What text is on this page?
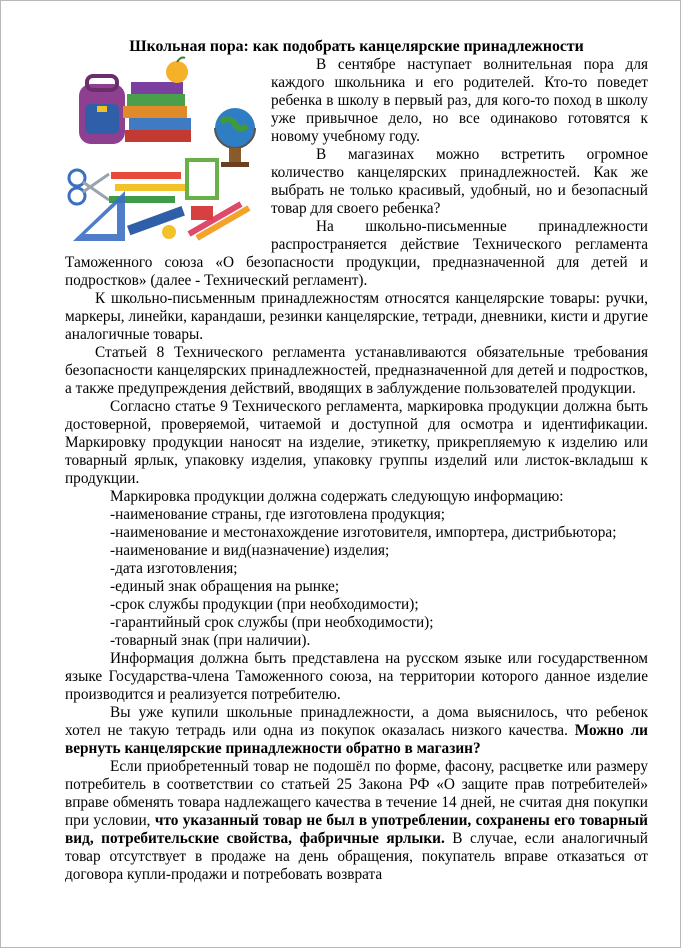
Школьная пора: как подобрать канцелярские принадлежности

В сентябре наступает волнительная пора для каждого школьника и его родителей. Кто-то поведет ребенка в школу в первый раз, для кого-то поход в школу уже привычное дело, но все одинаково готовятся к новому учебному году.

В магазинах можно встретить огромное количество канцелярских принадлежностей. Как же выбрать не только красивый, удобный, но и безопасный товар для своего ребенка?

На школьно-письменные принадлежности распространяется действие Технического регламента Таможенного союза «О безопасности продукции, предназначенной для детей и подростков» (далее - Технический регламент).

К школьно-письменным принадлежностям относятся канцелярские товары: ручки, маркеры, линейки, карандаши, резинки канцелярские, тетради, дневники, кисти и другие аналогичные товары.

Статьей 8 Технического регламента устанавливаются обязательные требования безопасности канцелярских принадлежностей, предназначенной для детей и подростков, а также предупреждения действий, вводящих в заблуждение пользователей продукции.

Согласно статье 9 Технического регламента, маркировка продукции должна быть достоверной, проверяемой, читаемой и доступной для осмотра и идентификации. Маркировку продукции наносят на изделие, этикетку, прикрепляемую к изделию или товарный ярлык, упаковку изделия, упаковку группы изделий или листок-вкладыш к продукции.

Маркировка продукции должна содержать следующую информацию:

-наименование страны, где изготовлена продукция;
-наименование и местонахождение изготовителя, импортера, дистрибьютора;
-наименование и вид(назначение) изделия;
-дата изготовления;
-единый знак обращения на рынке;
-срок службы продукции (при необходимости);
-гарантийный срок службы (при необходимости);
-товарный знак (при наличии).

Информация должна быть представлена на русском языке или государственном языке Государства-члена Таможенного союза, на территории которого данное изделие производится и реализуется потребителю.

Вы уже купили школьные принадлежности, а дома выяснилось, что ребенок хотел не такую тетрадь или одна из покупок оказалась низкого качества. Можно ли вернуть канцелярские принадлежности обратно в магазин?

Если приобретенный товар не подошёл по форме, фасону, расцветке или размеру потребитель в соответствии со статьей 25 Закона РФ «О защите прав потребителей» вправе обменять товара надлежащего качества в течение 14 дней, не считая дня покупки при условии, что указанный товар не был в употреблении, сохранены его товарный вид, потребительские свойства, фабричные ярлыки. В случае, если аналогичный товар отсутствует в продаже на день обращения, покупатель вправе отказаться от договора купли-продажи и потребовать возврата
